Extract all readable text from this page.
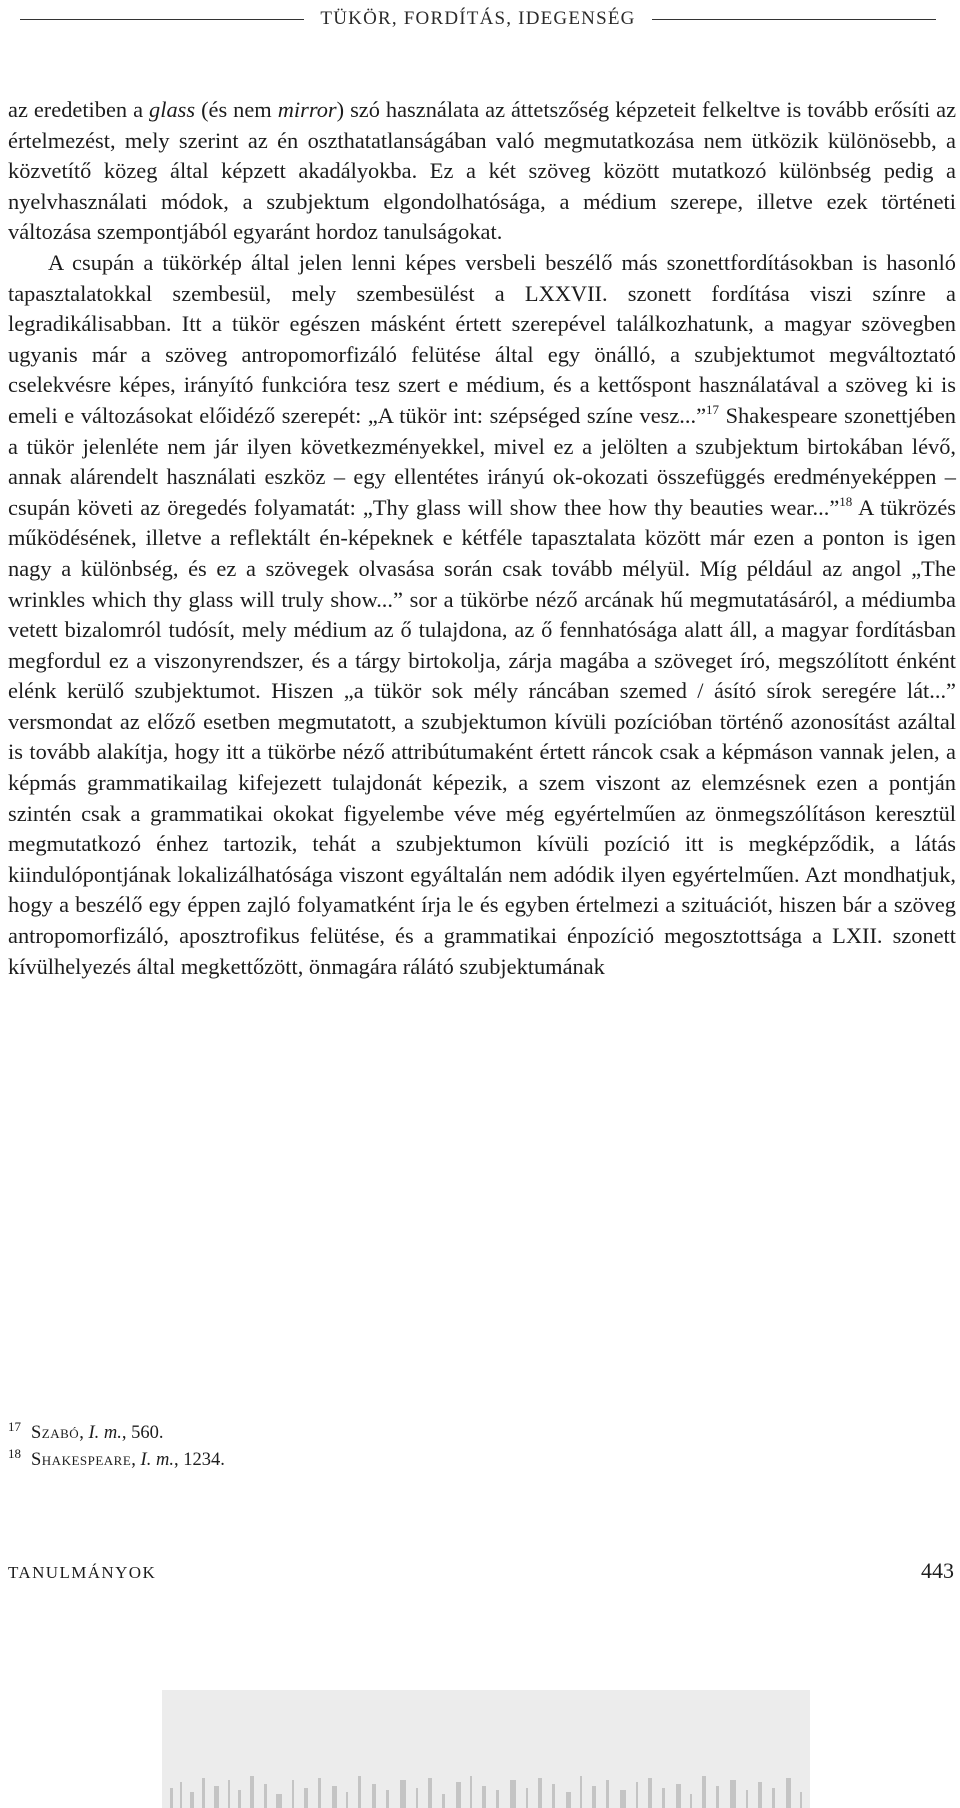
TÜKÖR, FORDÍTÁS, IDEGENSÉG

az eredetiben a glass (és nem mirror) szó használata az áttetszőség képzeteit felkeltve is tovább erősíti az értelmezést, mely szerint az én oszthatatlanságában való megmutatkozása nem ütközik különösebb, a közvetítő közeg által képzett akadályokba. Ez a két szöveg között mutatkozó különbség pedig a nyelvhasználati módok, a szubjektum elgondolhatósága, a médium szerepe, illetve ezek történeti változása szempontjából egyaránt hordoz tanulságokat.

A csupán a tükörkép által jelen lenni képes versbeli beszélő más szonettfordításokban is hasonló tapasztalatokkal szembesül, mely szembesülést a LXXVII. szonett fordítása viszi színre a legradikálisabban. Itt a tükör egészen másként értett szerepével találkozhatunk, a magyar szövegben ugyanis már a szöveg antropomorfizáló felütése által egy önálló, a szubjektumot megváltoztató cselekvésre képes, irányító funkcióra tesz szert e médium, és a kettőspont használatával a szöveg ki is emeli e változásokat előidéző szerepét: „A tükör int: szépséged színe vesz...”$^{17}$ Shakespeare szonettjében a tükör jelenléte nem jár ilyen következményekkel, mivel ez a jelölten a szubjektum birtokában lévő, annak alárendelt használati eszköz – egy ellentétes irányú ok-okozati összefüggés eredményeképpen – csupán követi az öregedés folyamatát: „Thy glass will show thee how thy beauties wear...”$^{18}$ A tükrözés működésének, illetve a reflektált én-képeknek e kétféle tapasztalata között már ezen a ponton is igen nagy a különbség, és ez a szövegek olvasása során csak tovább mélyül. Míg például az angol „The wrinkles which thy glass will truly show...” sor a tükörbe néző arcának hű megmutatásáról, a médiumba vetett bizalomról tudósít, mely médium az ő tulajdona, az ő fennhatósága alatt áll, a magyar fordításban megfordul ez a viszonyrendszer, és a tárgy birtokolja, zárja magába a szöveget író, megszólított énként elénk kerülő szubjektumot. Hiszen „a tükör sok mély ráncában szemed / ásító sírok seregére lát...” versmondat az előző esetben megmutatott, a szubjektumon kívüli pozícióban történő azonosítást azáltal is tovább alakítja, hogy itt a tükörbe néző attribútumaként értett ráncok csak a képmáson vannak jelen, a képmás grammatikailag kifejezett tulajdonát képezik, a szem viszont az elemzésnek ezen a pontján szintén csak a grammatikai okokat figyelembe véve még egyértelműen az önmegszólításon keresztül megmutatkozó énhez tartozik, tehát a szubjektumon kívüli pozíció itt is megképződik, a látás kiindulópontjának lokalizálhatósága viszont egyáltalán nem adódik ilyen egyértelműen. Azt mondhatjuk, hogy a beszélő egy éppen zajló folyamatként írja le és egyben értelmezi a szituációt, hiszen bár a szöveg antropomorfizáló, aposztrofikus felütése, és a grammatikai énpozíció megosztottsága a LXII. szonett kívülhelyezés által megkettőzött, önmagára rálátó szubjektumának

$^{17}$ Szabó, I. m., 560.
$^{18}$ Shakespeare, I. m., 1234.
TANULMÁNYOK	443
